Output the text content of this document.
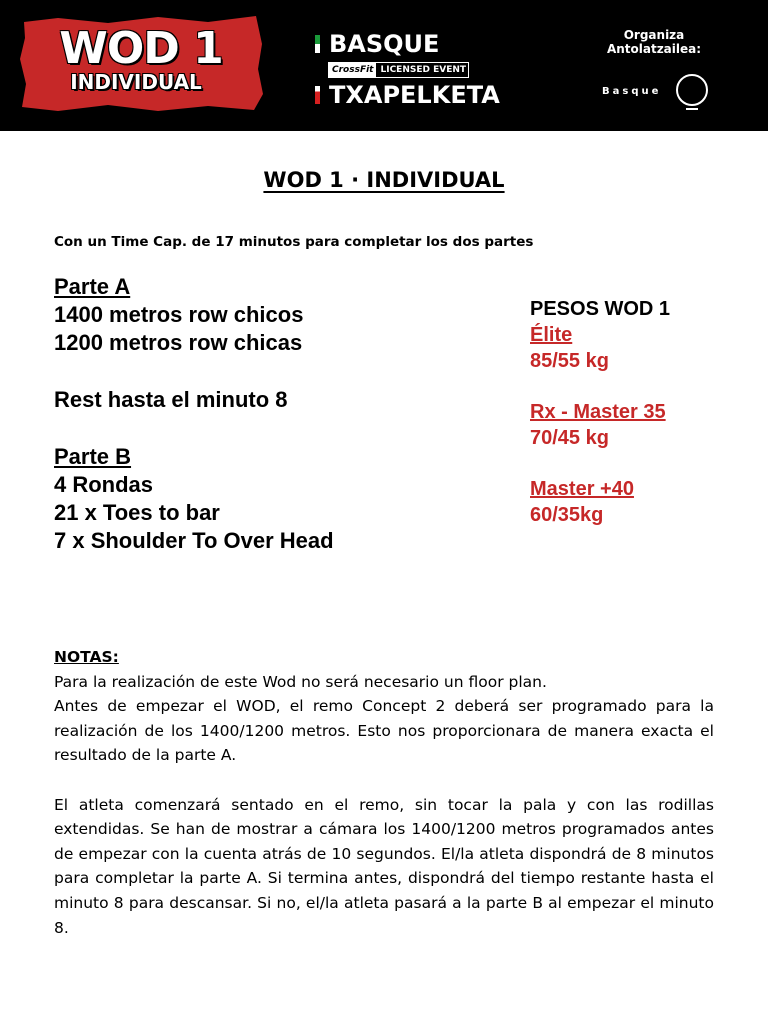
WOD 1
INDIVIDUAL
BASQUE
CrossFit LICENSED EVENT
TXAPELKETA
Organiza
Antolatzailea:
Basque
WOD 1 · INDIVIDUAL
Con un Time Cap. de 17 minutos para completar los dos partes
Parte A
1400 metros row chicos
1200 metros row chicas
Rest hasta el minuto 8
Parte B
4 Rondas
21 x Toes to bar
7 x Shoulder To Over Head
PESOS WOD 1
Élite
85/55 kg
Rx - Master 35
70/45 kg
Master +40
60/35kg
NOTAS:

Para la realización de este Wod no será necesario un floor plan.

Antes de empezar el WOD, el remo Concept 2 deberá ser programado para la realización de los 1400/1200 metros. Esto nos proporcionara de manera exacta el resultado de la parte A.

El atleta comenzará sentado en el remo, sin tocar la pala y con las rodillas extendidas. Se han de mostrar a cámara los 1400/1200 metros programados antes de empezar con la cuenta atrás de 10 segundos. El/la atleta dispondrá de 8 minutos para completar la parte A. Si termina antes, dispondrá del tiempo restante hasta el minuto 8 para descansar. Si no, el/la atleta pasará a la parte B al empezar el minuto 8.
